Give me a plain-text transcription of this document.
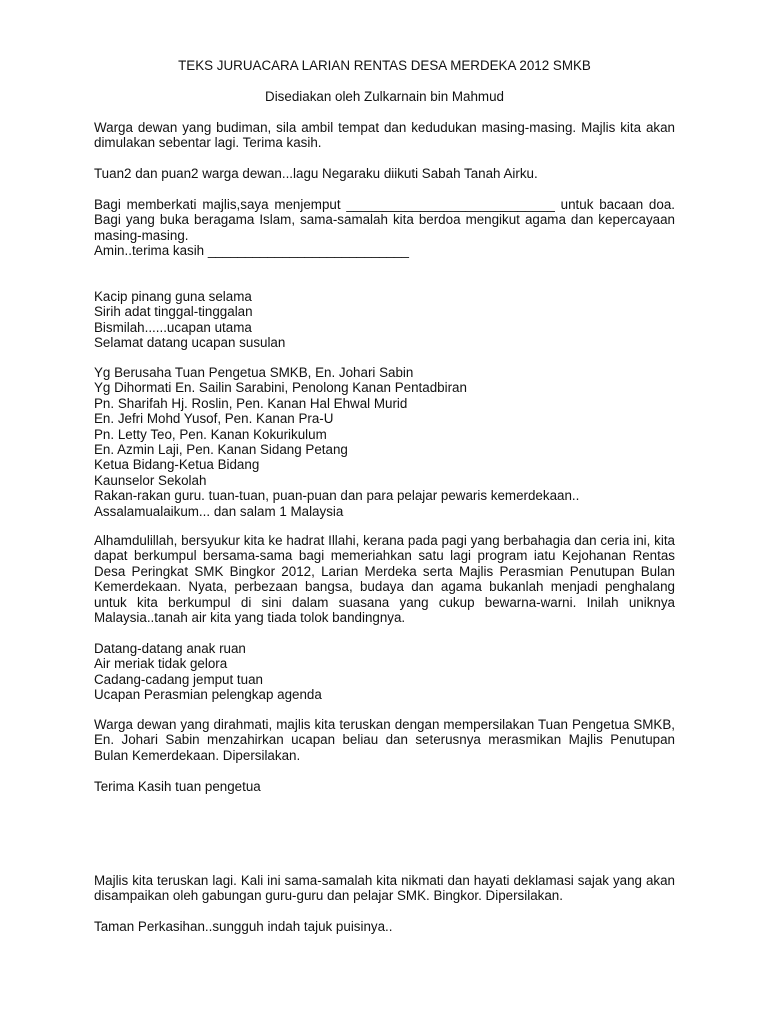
TEKS JURUACARA LARIAN RENTAS DESA MERDEKA 2012 SMKB

Disediakan oleh Zulkarnain bin Mahmud

Warga dewan yang budiman, sila ambil tempat dan kedudukan masing-masing. Majlis kita akan dimulakan sebentar lagi. Terima kasih.

Tuan2 dan puan2 warga dewan...lagu Negaraku diikuti Sabah Tanah Airku.

Bagi memberkati majlis,saya menjemput ____________________________ untuk bacaan doa. Bagi yang buka beragama Islam, sama-samalah kita berdoa mengikut agama dan kepercayaan masing-masing.

Amin..terima kasih ___________________________

Kacip pinang guna selama

Sirih adat tinggal-tinggalan

Bismilah......ucapan utama

Selamat datang ucapan susulan

Yg Berusaha Tuan Pengetua SMKB, En. Johari Sabin

Yg Dihormati En. Sailin Sarabini, Penolong Kanan Pentadbiran

Pn. Sharifah Hj. Roslin, Pen. Kanan Hal Ehwal Murid

En. Jefri Mohd Yusof, Pen. Kanan Pra-U

Pn. Letty Teo, Pen. Kanan Kokurikulum

En. Azmin Laji, Pen. Kanan Sidang Petang

Ketua Bidang-Ketua Bidang

Kaunselor Sekolah

Rakan-rakan guru. tuan-tuan, puan-puan dan para pelajar pewaris kemerdekaan..

Assalamualaikum... dan salam 1 Malaysia

Alhamdulillah, bersyukur kita ke hadrat Illahi, kerana pada pagi yang berbahagia dan ceria ini, kita dapat berkumpul bersama-sama bagi memeriahkan satu lagi program iatu Kejohanan Rentas Desa Peringkat SMK Bingkor 2012, Larian Merdeka serta Majlis Perasmian Penutupan Bulan Kemerdekaan. Nyata, perbezaan bangsa, budaya dan agama bukanlah menjadi penghalang untuk kita berkumpul di sini dalam suasana yang cukup bewarna-warni. Inilah uniknya Malaysia..tanah air kita yang tiada tolok bandingnya.

Datang-datang anak ruan

Air meriak tidak gelora

Cadang-cadang jemput tuan

Ucapan Perasmian pelengkap agenda

Warga dewan yang dirahmati, majlis kita teruskan dengan mempersilakan Tuan Pengetua SMKB, En. Johari Sabin menzahirkan ucapan beliau dan seterusnya merasmikan Majlis Penutupan Bulan Kemerdekaan. Dipersilakan.

Terima Kasih tuan pengetua

Majlis kita teruskan lagi. Kali ini sama-samalah kita nikmati dan hayati deklamasi sajak yang akan disampaikan oleh gabungan guru-guru dan pelajar SMK. Bingkor. Dipersilakan.

Taman Perkasihan..sungguh indah tajuk puisinya..
